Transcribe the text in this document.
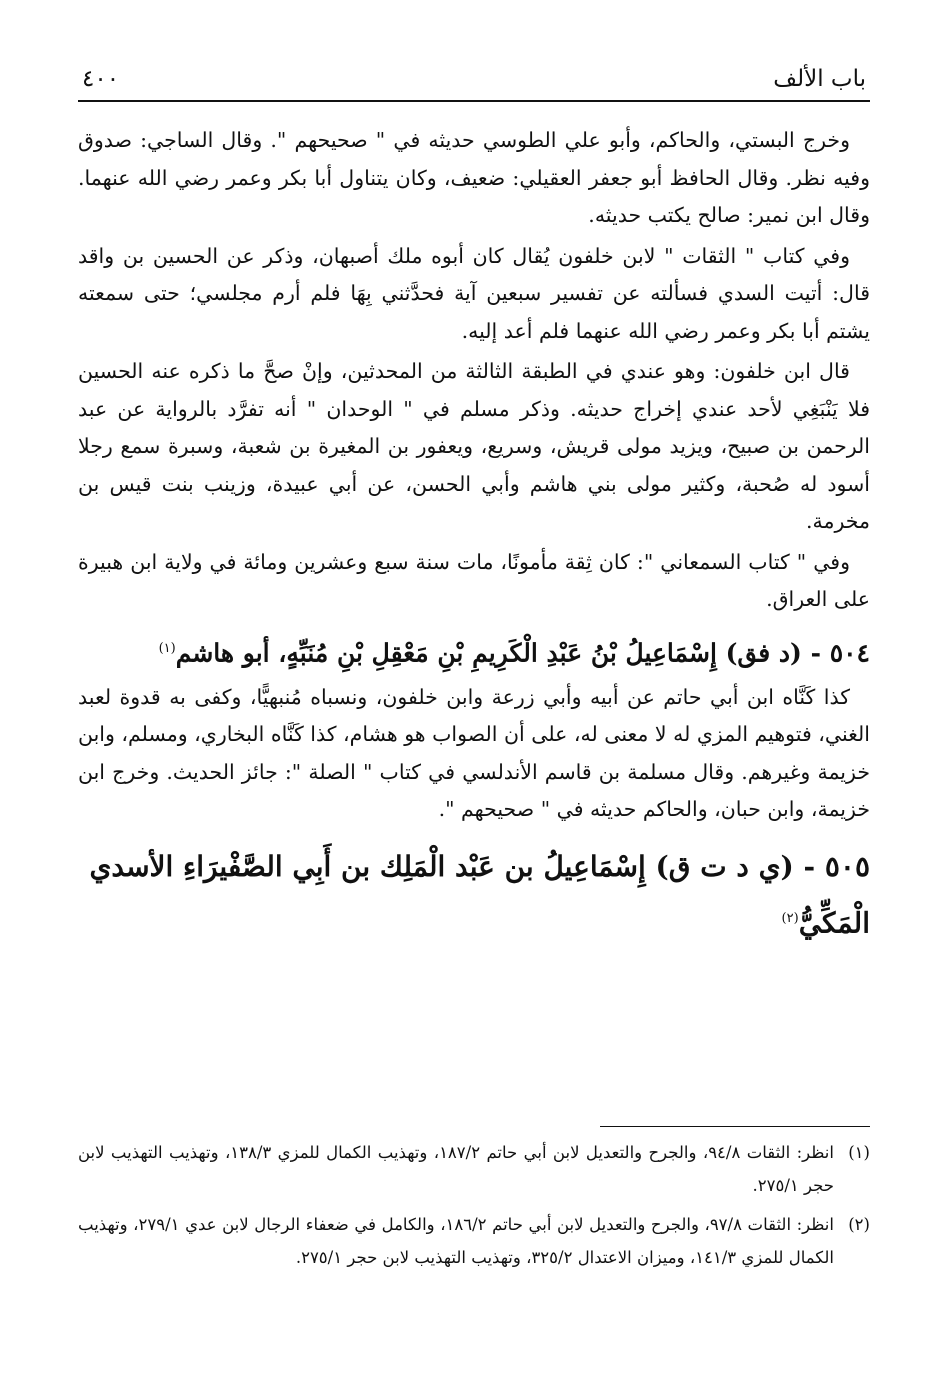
باب الألف
٤٠٠

وخرج البستي، والحاكم، وأبو علي الطوسي حديثه في " صحيحهم ". وقال الساجي: صدوق وفيه نظر. وقال الحافظ أبو جعفر العقيلي: ضعيف، وكان يتناول أبا بكر وعمر رضي الله عنهما. وقال ابن نمير: صالح يكتب حديثه.

وفي كتاب " الثقات " لابن خلفون يُقال كان أبوه ملك أصبهان، وذكر عن الحسين بن واقد قال: أتيت السدي فسألته عن تفسير سبعين آية فحدَّثني بِهَا فلم أرم مجلسي؛ حتى سمعته يشتم أبا بكر وعمر رضي الله عنهما فلم أعد إليه.

قال ابن خلفون: وهو عندي في الطبقة الثالثة من المحدثين، وإنْ صحَّ ما ذكره عنه الحسين فلا يَنْبَغِي لأحد عندي إخراج حديثه. وذكر مسلم في " الوحدان " أنه تفرَّد بالرواية عن عبد الرحمن بن صبيح، ويزيد مولى قريش، وسريع، ويعفور بن المغيرة بن شعبة، وسبرة سمع رجلا أسود له صُحبة، وكثير مولى بني هاشم وأبي الحسن، عن أبي عبيدة، وزينب بنت قيس بن مخرمة.

وفي " كتاب السمعاني ": كان ثِقة مأمونًا، مات سنة سبع وعشرين ومائة في ولاية ابن هبيرة على العراق.

٥٠٤ - (د فق) إِسْمَاعِيلُ بْنُ عَبْدِ الْكَرِيمِ بْنِ مَعْقِلِ بْنِ مُنَبِّهٍ، أبو هاشم$^{(١)}$

كذا كَنَّاه ابن أبي حاتم عن أبيه وأبي زرعة وابن خلفون، ونسباه مُنبهيًّا، وكفى به قدوة لعبد الغني، فتوهيم المزي له لا معنى له، على أن الصواب هو هشام، كذا كَنَّاه البخاري، ومسلم، وابن خزيمة وغيرهم. وقال مسلمة بن قاسم الأندلسي في كتاب " الصلة ": جائز الحديث. وخرج ابن خزيمة، وابن حبان، والحاكم حديثه في " صحيحهم ".

٥٠٥ - (ي د ت ق) إِسْمَاعِيلُ بن عَبْد الْمَلِك بن أَبِي الصَّفْيرَاءِ الأسدي الْمَكِّيُّ$^{(٢)}$

(١)انظر: الثقات ٩٤/٨، والجرح والتعديل لابن أبي حاتم ١٨٧/٢، وتهذيب الكمال للمزي ١٣٨/٣، وتهذيب التهذيب لابن حجر ٢٧٥/١.

(٢)انظر: الثقات ٩٧/٨، والجرح والتعديل لابن أبي حاتم ١٨٦/٢، والكامل في ضعفاء الرجال لابن عدي ٢٧٩/١، وتهذيب الكمال للمزي ١٤١/٣، وميزان الاعتدال ٣٢٥/٢، وتهذيب التهذيب لابن حجر ٢٧٥/١.
